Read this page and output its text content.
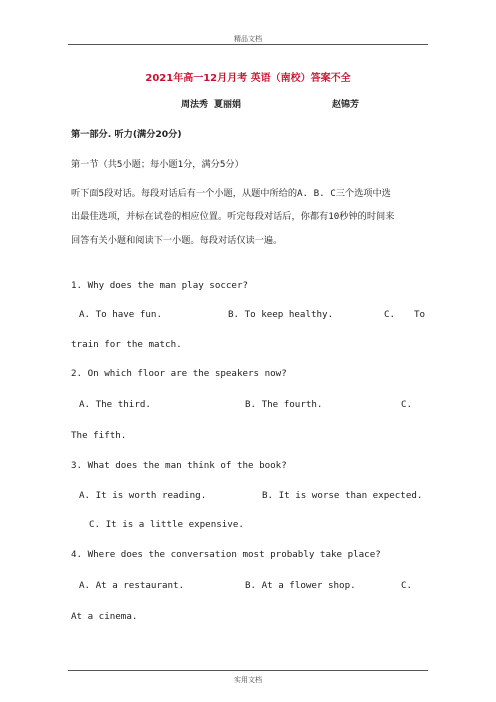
精品文档
2021年高一12月月考 英语（南校）答案不全
周法秀 夏丽娟	赵锦芳
第一部分. 听力(满分20分)
第一节（共5小题；每小题1分，满分5分）
听下面5段对话。每段对话后有一个小题，从题中所给的A. B. C三个选项中选
出最佳选项，并标在试卷的相应位置。听完每段对话后，你都有10秒钟的时间来
回答有关小题和阅读下一小题。每段对话仅读一遍。
1. Why does the man play soccer?
A. To have fun.	B. To keep healthy.	C. To
train for the match.
2. On which floor are the speakers now?
A. The third.	B. The fourth.	C.
The fifth.
3. What does the man think of the book?
A. It is worth reading.	B. It is worse than expected.
C. It is a little expensive.
4. Where does the conversation most probably take place?
A. At a restaurant.	B. At a flower shop.	C.
At a cinema.
实用文档
